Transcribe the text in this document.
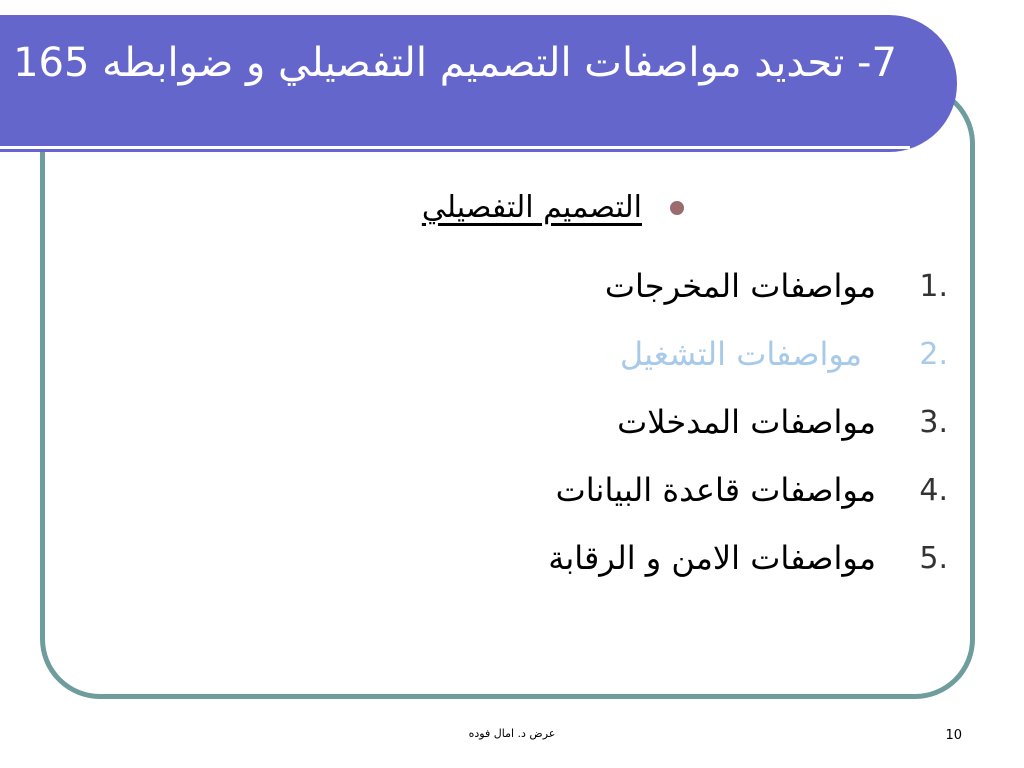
7- تحديد مواصفات التصميم التفصيلي و ضوابطه 165
التصميم التفصيلي
1.
مواصفات المخرجات
2.
مواصفات التشغيل
3.
مواصفات المدخلات
4.
مواصفات قاعدة البيانات
5.
مواصفات الامن و الرقابة
عرض د. امال فوده	10
